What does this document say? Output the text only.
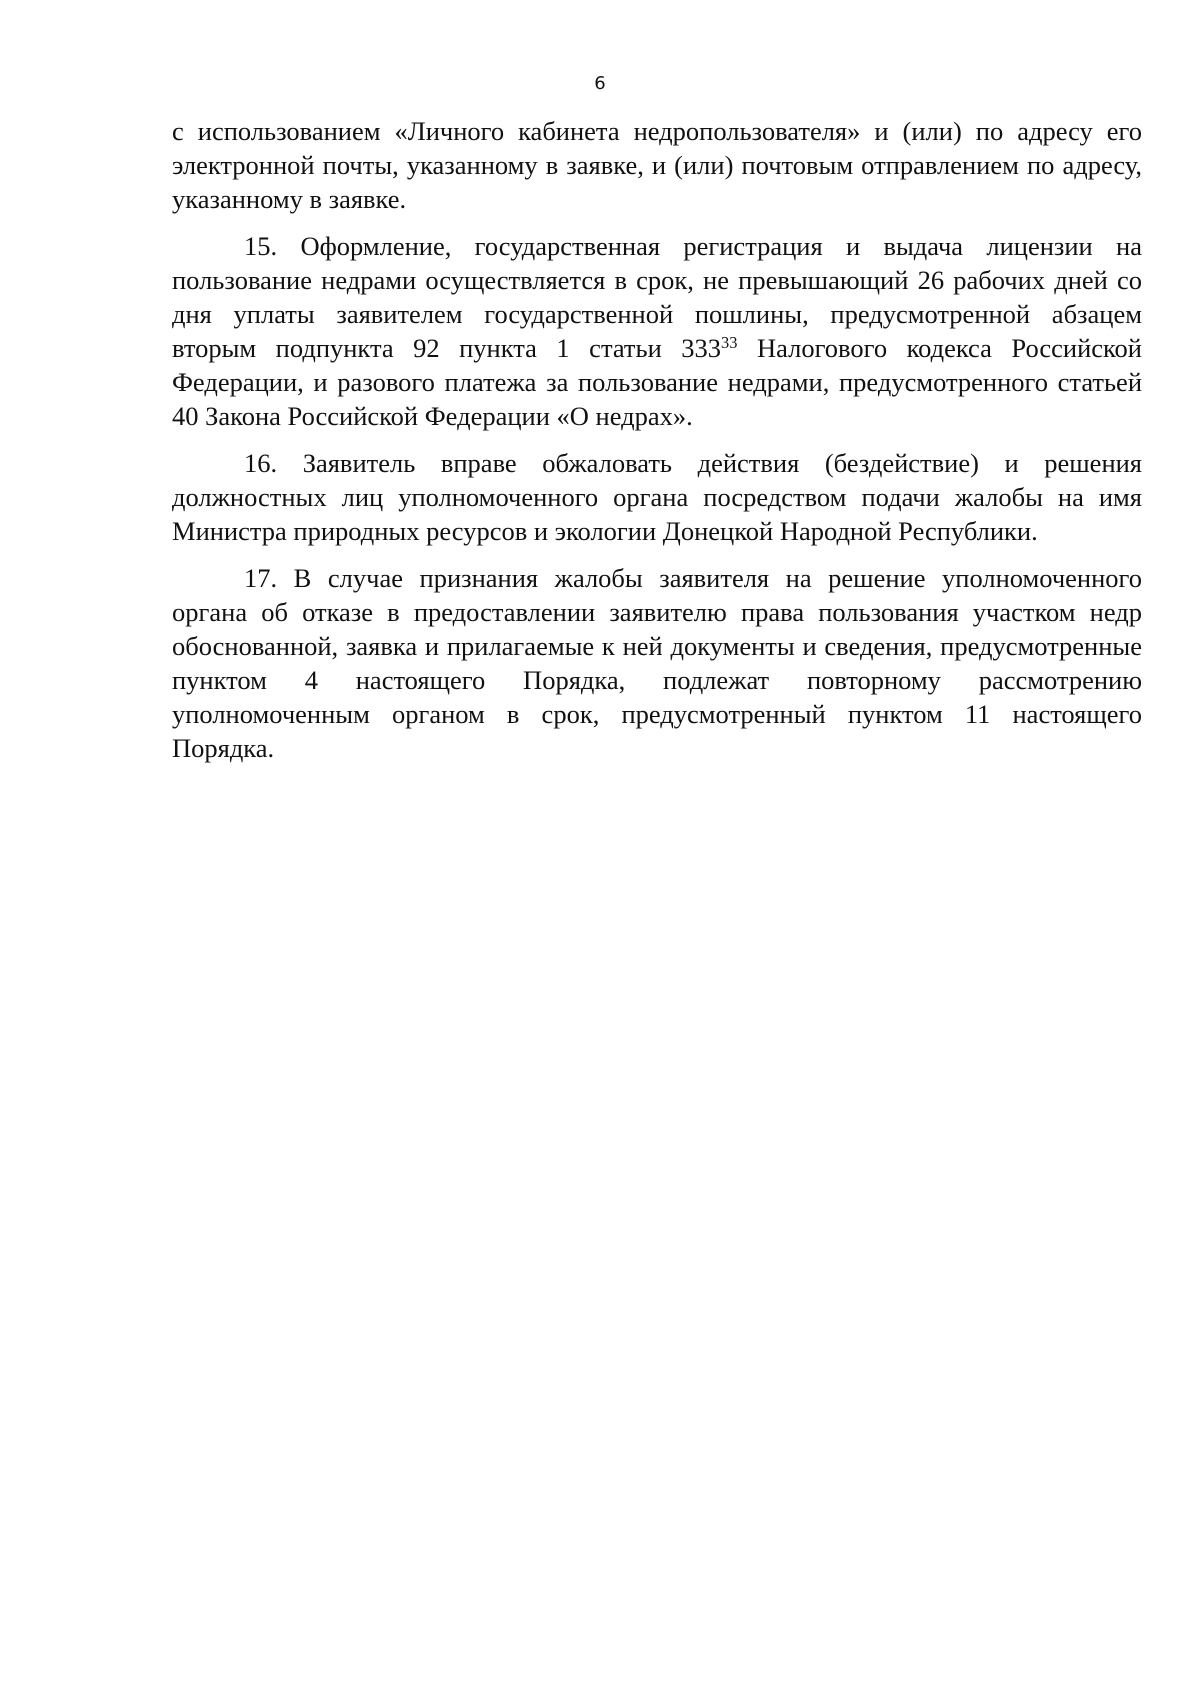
6

с использованием «Личного кабинета недропользователя» и (или) по адресу его электронной почты, указанному в заявке, и (или) почтовым отправлением по адресу, указанному в заявке.

15. Оформление, государственная регистрация и выдача лицензии на пользование недрами осуществляется в срок, не превышающий 26 рабочих дней со дня уплаты заявителем государственной пошлины, предусмотренной абзацем вторым подпункта 92 пункта 1 статьи $333^{33}$ Налогового кодекса Российской Федерации, и разового платежа за пользование недрами, предусмотренного статьей 40 Закона Российской Федерации «О недрах».

16. Заявитель вправе обжаловать действия (бездействие) и решения должностных лиц уполномоченного органа посредством подачи жалобы на имя Министра природных ресурсов и экологии Донецкой Народной Республики.

17. В случае признания жалобы заявителя на решение уполномоченного органа об отказе в предоставлении заявителю права пользования участком недр обоснованной, заявка и прилагаемые к ней документы и сведения, предусмотренные пунктом 4 настоящего Порядка, подлежат повторному рассмотрению уполномоченным органом в срок, предусмотренный пунктом 11 настоящего Порядка.
